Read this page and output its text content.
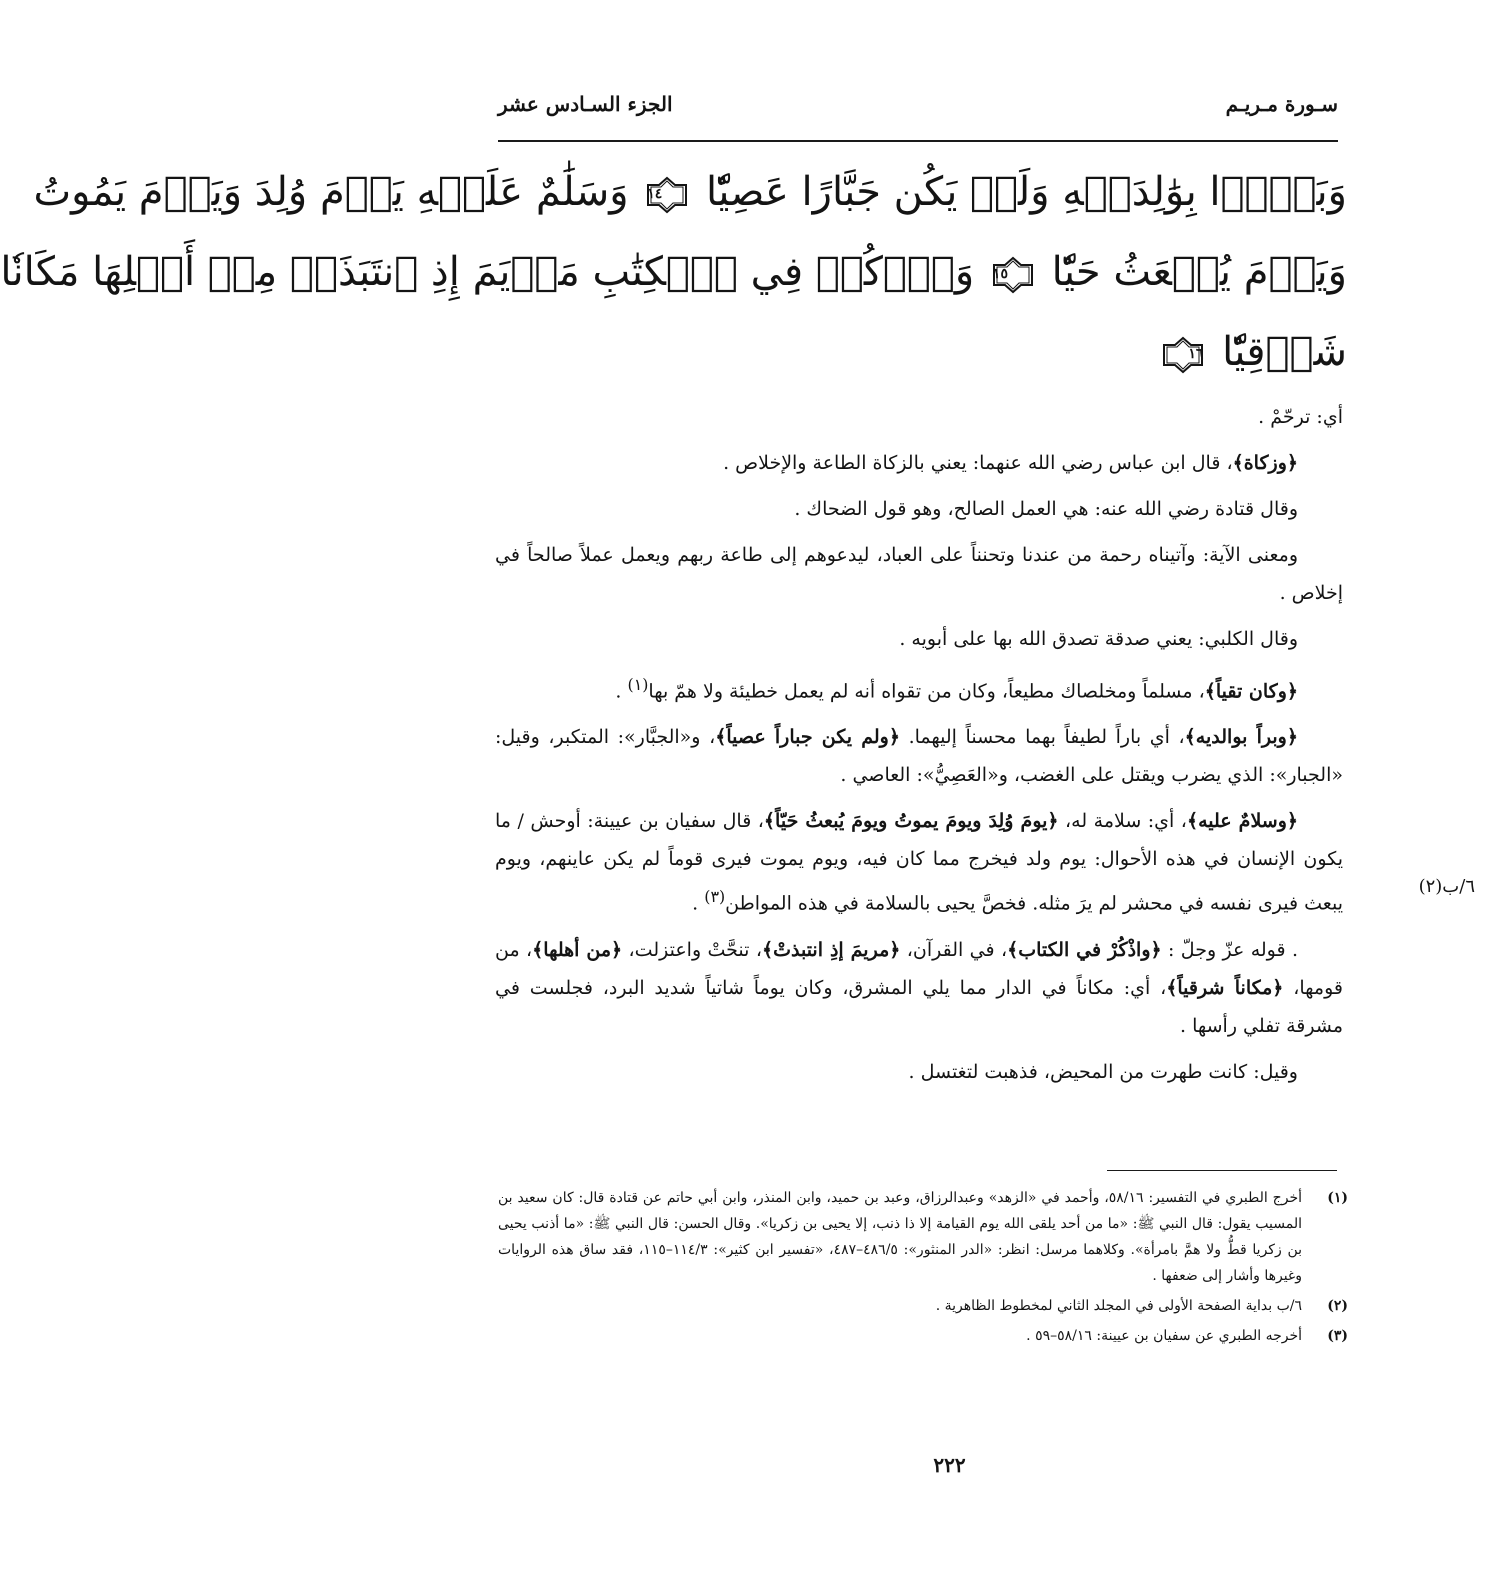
سـورة مـريـم
الجزء السـادس عشر
وَبَرًّۢا بِوَٰلِدَيۡهِ وَلَمۡ يَكُن جَبَّارًا عَصِيّٗا
١٤
وَسَلَٰمٌ عَلَيۡهِ يَوۡمَ وُلِدَ وَيَوۡمَ يَمُوتُ
وَيَوۡمَ يُبۡعَثُ حَيّٗا
١٥
وَٱذۡكُرۡ فِي ٱلۡكِتَٰبِ مَرۡيَمَ إِذِ ٱنتَبَذَتۡ مِنۡ أَهۡلِهَا مَكَانٗا
شَرۡقِيّٗا
١٦

أي: ترحّمْ .

﴿وزكاة﴾، قال ابن عباس رضي الله عنهما: يعني بالزكاة الطاعة والإخلاص .

وقال قتادة رضي الله عنه: هي العمل الصالح، وهو قول الضحاك .

ومعنى الآية: وآتيناه رحمة من عندنا وتحنناً على العباد، ليدعوهم إلى طاعة ربهم ويعمل عملاً صالحاً في إخلاص .

وقال الكلبي: يعني صدقة تصدق الله بها على أبويه .

﴿وكان تقياً﴾، مسلماً ومخلصاك مطيعاً، وكان من تقواه أنه لم يعمل خطيئة ولا همّ بها$^{(١)}$ .

﴿وبراً بوالديه﴾، أي باراً لطيفاً بهما محسناً إليهما. ﴿ولم يكن جباراً عصياً﴾، و«الجبَّار»: المتكبر، وقيل: «الجبار»: الذي يضرب ويقتل على الغضب، و«العَصِيُّ»: العاصي .

﴿وسلامٌ عليه﴾، أي: سلامة له، ﴿يومَ وُلِدَ ويومَ يموتُ ويومَ يُبعثُ حَيّاً﴾، قال سفيان بن عيينة: أوحش / ما يكون الإنسان في هذه الأحوال: يوم ولد فيخرج مما كان فيه، ويوم يموت فيرى قوماً لم يكن عاينهم، ويوم يبعث فيرى نفسه في محشر لم يرَ مثله. فخصَّ يحيى بالسلامة في هذه المواطن$^{(٣)}$ .

. قوله عزّ وجلّ : ﴿واذْكُرْ في الكتاب﴾، في القرآن، ﴿مريمَ إذِ انتبذتْ﴾، تنحَّتْ واعتزلت، ﴿من أهلها﴾، من قومها، ﴿مكاناً شرقياً﴾، أي: مكاناً في الدار مما يلي المشرق، وكان يوماً شاتياً شديد البرد، فجلست في مشرقة تفلي رأسها .

وقيل: كانت طهرت من المحيض، فذهبت لتغتسل .

٦/ب(٢)
(١)
أخرج الطبري في التفسير: ٥٨/١٦، وأحمد في «الزهد» وعبدالرزاق، وعبد بن حميد، وابن المنذر، وابن أبي حاتم عن قتادة قال: كان سعيد بن المسيب يقول: قال النبي ﷺ: «ما من أحد يلقى الله يوم القيامة إلا ذا ذنب، إلا يحيى بن زكريا». وقال الحسن: قال النبي ﷺ: «ما أذنب يحيى بن زكريا قطُّ ولا همَّ بامرأة». وكلاهما مرسل: انظر: «الدر المنثور»: ٤٨٦/٥–٤٨٧، «تفسير ابن كثير»: ١١٤/٣–١١٥، فقد ساق هذه الروايات وغيرها وأشار إلى ضعفها .
(٢)
٦/ب بداية الصفحة الأولى في المجلد الثاني لمخطوط الظاهرية .
(٣)
أخرجه الطبري عن سفيان بن عيينة: ٥٨/١٦–٥٩ .
٢٢٢
